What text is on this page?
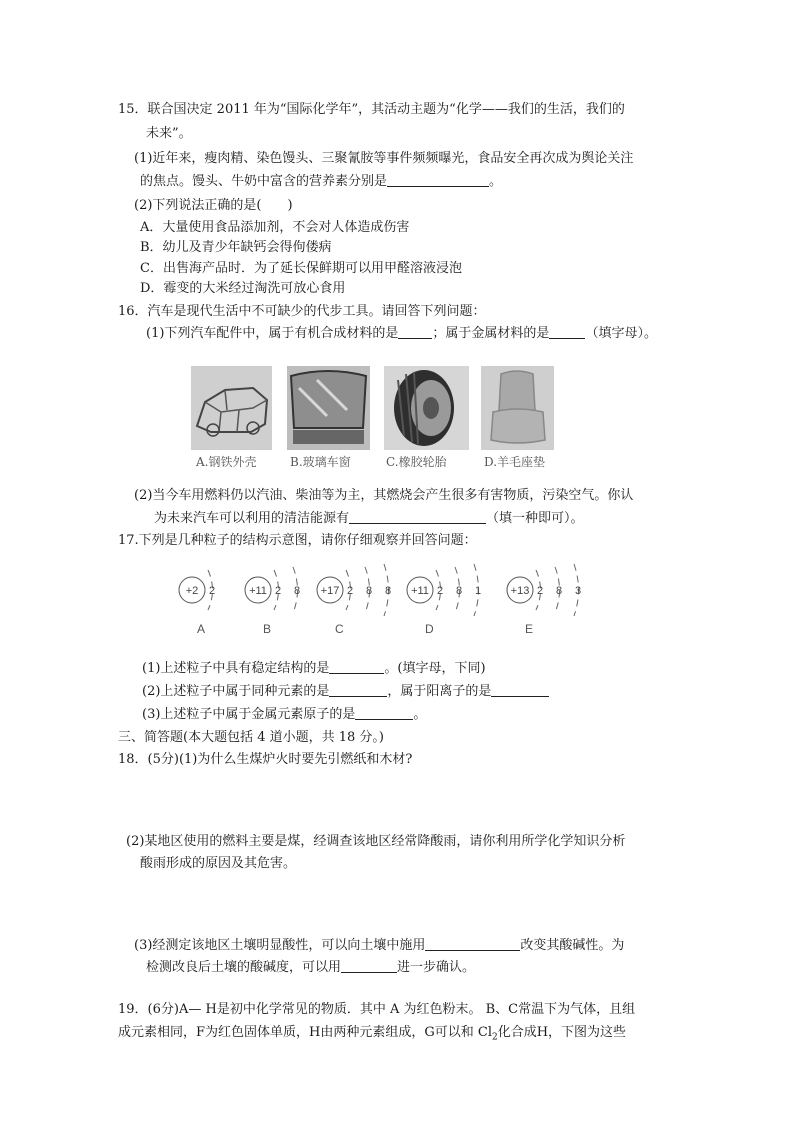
15．联合国决定 2011 年为“国际化学年”，其活动主题为“化学——我们的生活，我们的
未来”。
(1)近年来，瘦肉精、染色馒头、三聚氰胺等事件频频曝光，食品安全再次成为舆论关注
的焦点。馒头、牛奶中富含的营养素分别是	。
(2)下列说法正确的是(　　)
A．大量使用食品添加剂，不会对人体造成伤害
B．幼儿及青少年缺钙会得佝偻病
C．出售海产品时．为了延长保鲜期可以用甲醛溶液浸泡
D．霉变的大米经过淘洗可放心食用
16．汽车是现代生活中不可缺少的代步工具。请回答下列问题：
(1)下列汽车配件中，属于有机合成材料的是	；属于金属材料的是	（填字母）。
A.钢铁外壳	B.玻璃车窗	C.橡胶轮胎	D.羊毛座垫
(2)当今车用燃料仍以汽油、柴油等为主，其燃烧会产生很多有害物质，污染空气。你认
为未来汽车可以利用的清洁能源有	（填一种即可）。
17.下列是几种粒子的结构示意图，请你仔细观察并回答问题：
+2 2	+11 2 8 +17 2 8 8 +11 2 8 1	+13 2 8 3
A	B	C	D	E
(1)上述粒子中具有稳定结构的是	。(填字母，下同)
(2)上述粒子中属于同种元素的是	，属于阳离子的是
(3)上述粒子中属于金属元素原子的是	。
三、简答题(本大题包括 4 道小题，共 18 分。)
18．(5分)(1)为什么生煤炉火时要先引燃纸和木材?
(2)某地区使用的燃料主要是煤，经调查该地区经常降酸雨，请你利用所学化学知识分析
酸雨形成的原因及其危害。
(3)经测定该地区土壤明显酸性，可以向土壤中施用	改变其酸碱性。为
检测改良后土壤的酸碱度，可以用	进一步确认。
19．(6分)A— H是初中化学常见的物质．其中 A 为红色粉末。 B、C常温下为气体，且组
成元素相同，F为红色固体单质，H由两种元素组成，G可以和 $Cl_2$化合成H，下图为这些
